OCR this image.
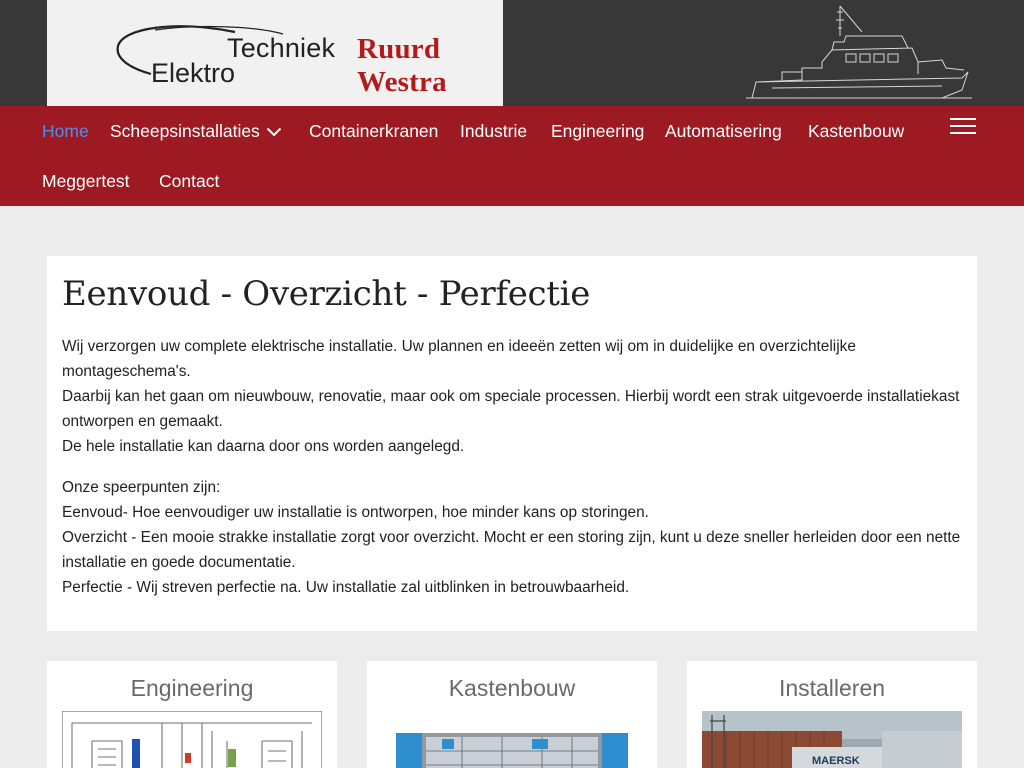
Techniek
Elektro
Ruurd Westra
Home Scheepsinstallaties	Containerkranen Industrie Engineering Automatisering Kastenbouw
Meggertest Contact
Eenvoud - Overzicht - Perfectie

Wij verzorgen uw complete elektrische installatie. Uw plannen en ideeën zetten wij om in duidelijke en overzichtelijke montageschema's.
Daarbij kan het gaan om nieuwbouw, renovatie, maar ook om speciale processen. Hierbij wordt een strak uitgevoerde installatiekast ontworpen en gemaakt.
De hele installatie kan daarna door ons worden aangelegd.

Onze speerpunten zijn:
Eenvoud- Hoe eenvoudiger uw installatie is ontworpen, hoe minder kans op storingen.
Overzicht - Een mooie strakke installatie zorgt voor overzicht. Mocht er een storing zijn, kunt u deze sneller herleiden door een nette installatie en goede documentatie.
Perfectie - Wij streven perfectie na. Uw installatie zal uitblinken in betrouwbaarheid.

Engineering	Kastenbouw	Installeren
MAERSK
